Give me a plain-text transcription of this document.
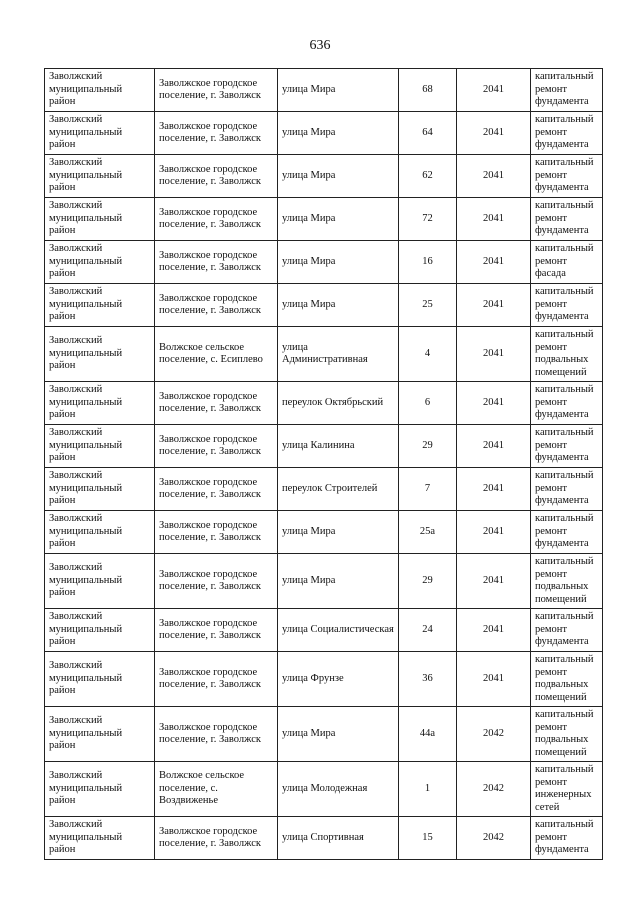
636
Заволжский муниципальный район	Заволжское городское поселение, г. Заволжск	улица Мира	68	2041	капитальный ремонт фундамента
Заволжский муниципальный район	Заволжское городское поселение, г. Заволжск	улица Мира	64	2041	капитальный ремонт фундамента
Заволжский муниципальный район	Заволжское городское поселение, г. Заволжск	улица Мира	62	2041	капитальный ремонт фундамента
Заволжский муниципальный район	Заволжское городское поселение, г. Заволжск	улица Мира	72	2041	капитальный ремонт фундамента
Заволжский муниципальный район	Заволжское городское поселение, г. Заволжск	улица Мира	16	2041	капитальный ремонт фасада
Заволжский муниципальный район	Заволжское городское поселение, г. Заволжск	улица Мира	25	2041	капитальный ремонт фундамента
Заволжский муниципальный район	Волжское сельское поселение, с. Есиплево	улица Административная	4	2041	капитальный ремонт подвальных помещений
Заволжский муниципальный район	Заволжское городское поселение, г. Заволжск	переулок Октябрьский	6	2041	капитальный ремонт фундамента
Заволжский муниципальный район	Заволжское городское поселение, г. Заволжск	улица Калинина	29	2041	капитальный ремонт фундамента
Заволжский муниципальный район	Заволжское городское поселение, г. Заволжск	переулок Строителей	7	2041	капитальный ремонт фундамента
Заволжский муниципальный район	Заволжское городское поселение, г. Заволжск	улица Мира	25а	2041	капитальный ремонт фундамента
Заволжский муниципальный район	Заволжское городское поселение, г. Заволжск	улица Мира	29	2041	капитальный ремонт подвальных помещений
Заволжский муниципальный район	Заволжское городское поселение, г. Заволжск	улица Социалистическая	24	2041	капитальный ремонт фундамента
Заволжский муниципальный район	Заволжское городское поселение, г. Заволжск	улица Фрунзе	36	2041	капитальный ремонт подвальных помещений
Заволжский муниципальный район	Заволжское городское поселение, г. Заволжск	улица Мира	44а	2042	капитальный ремонт подвальных помещений
Заволжский муниципальный район	Волжское сельское поселение, с. Воздвиженье	улица Молодежная	1	2042	капитальный ремонт инженерных сетей
Заволжский муниципальный район	Заволжское городское поселение, г. Заволжск	улица Спортивная	15	2042	капитальный ремонт фундамента
